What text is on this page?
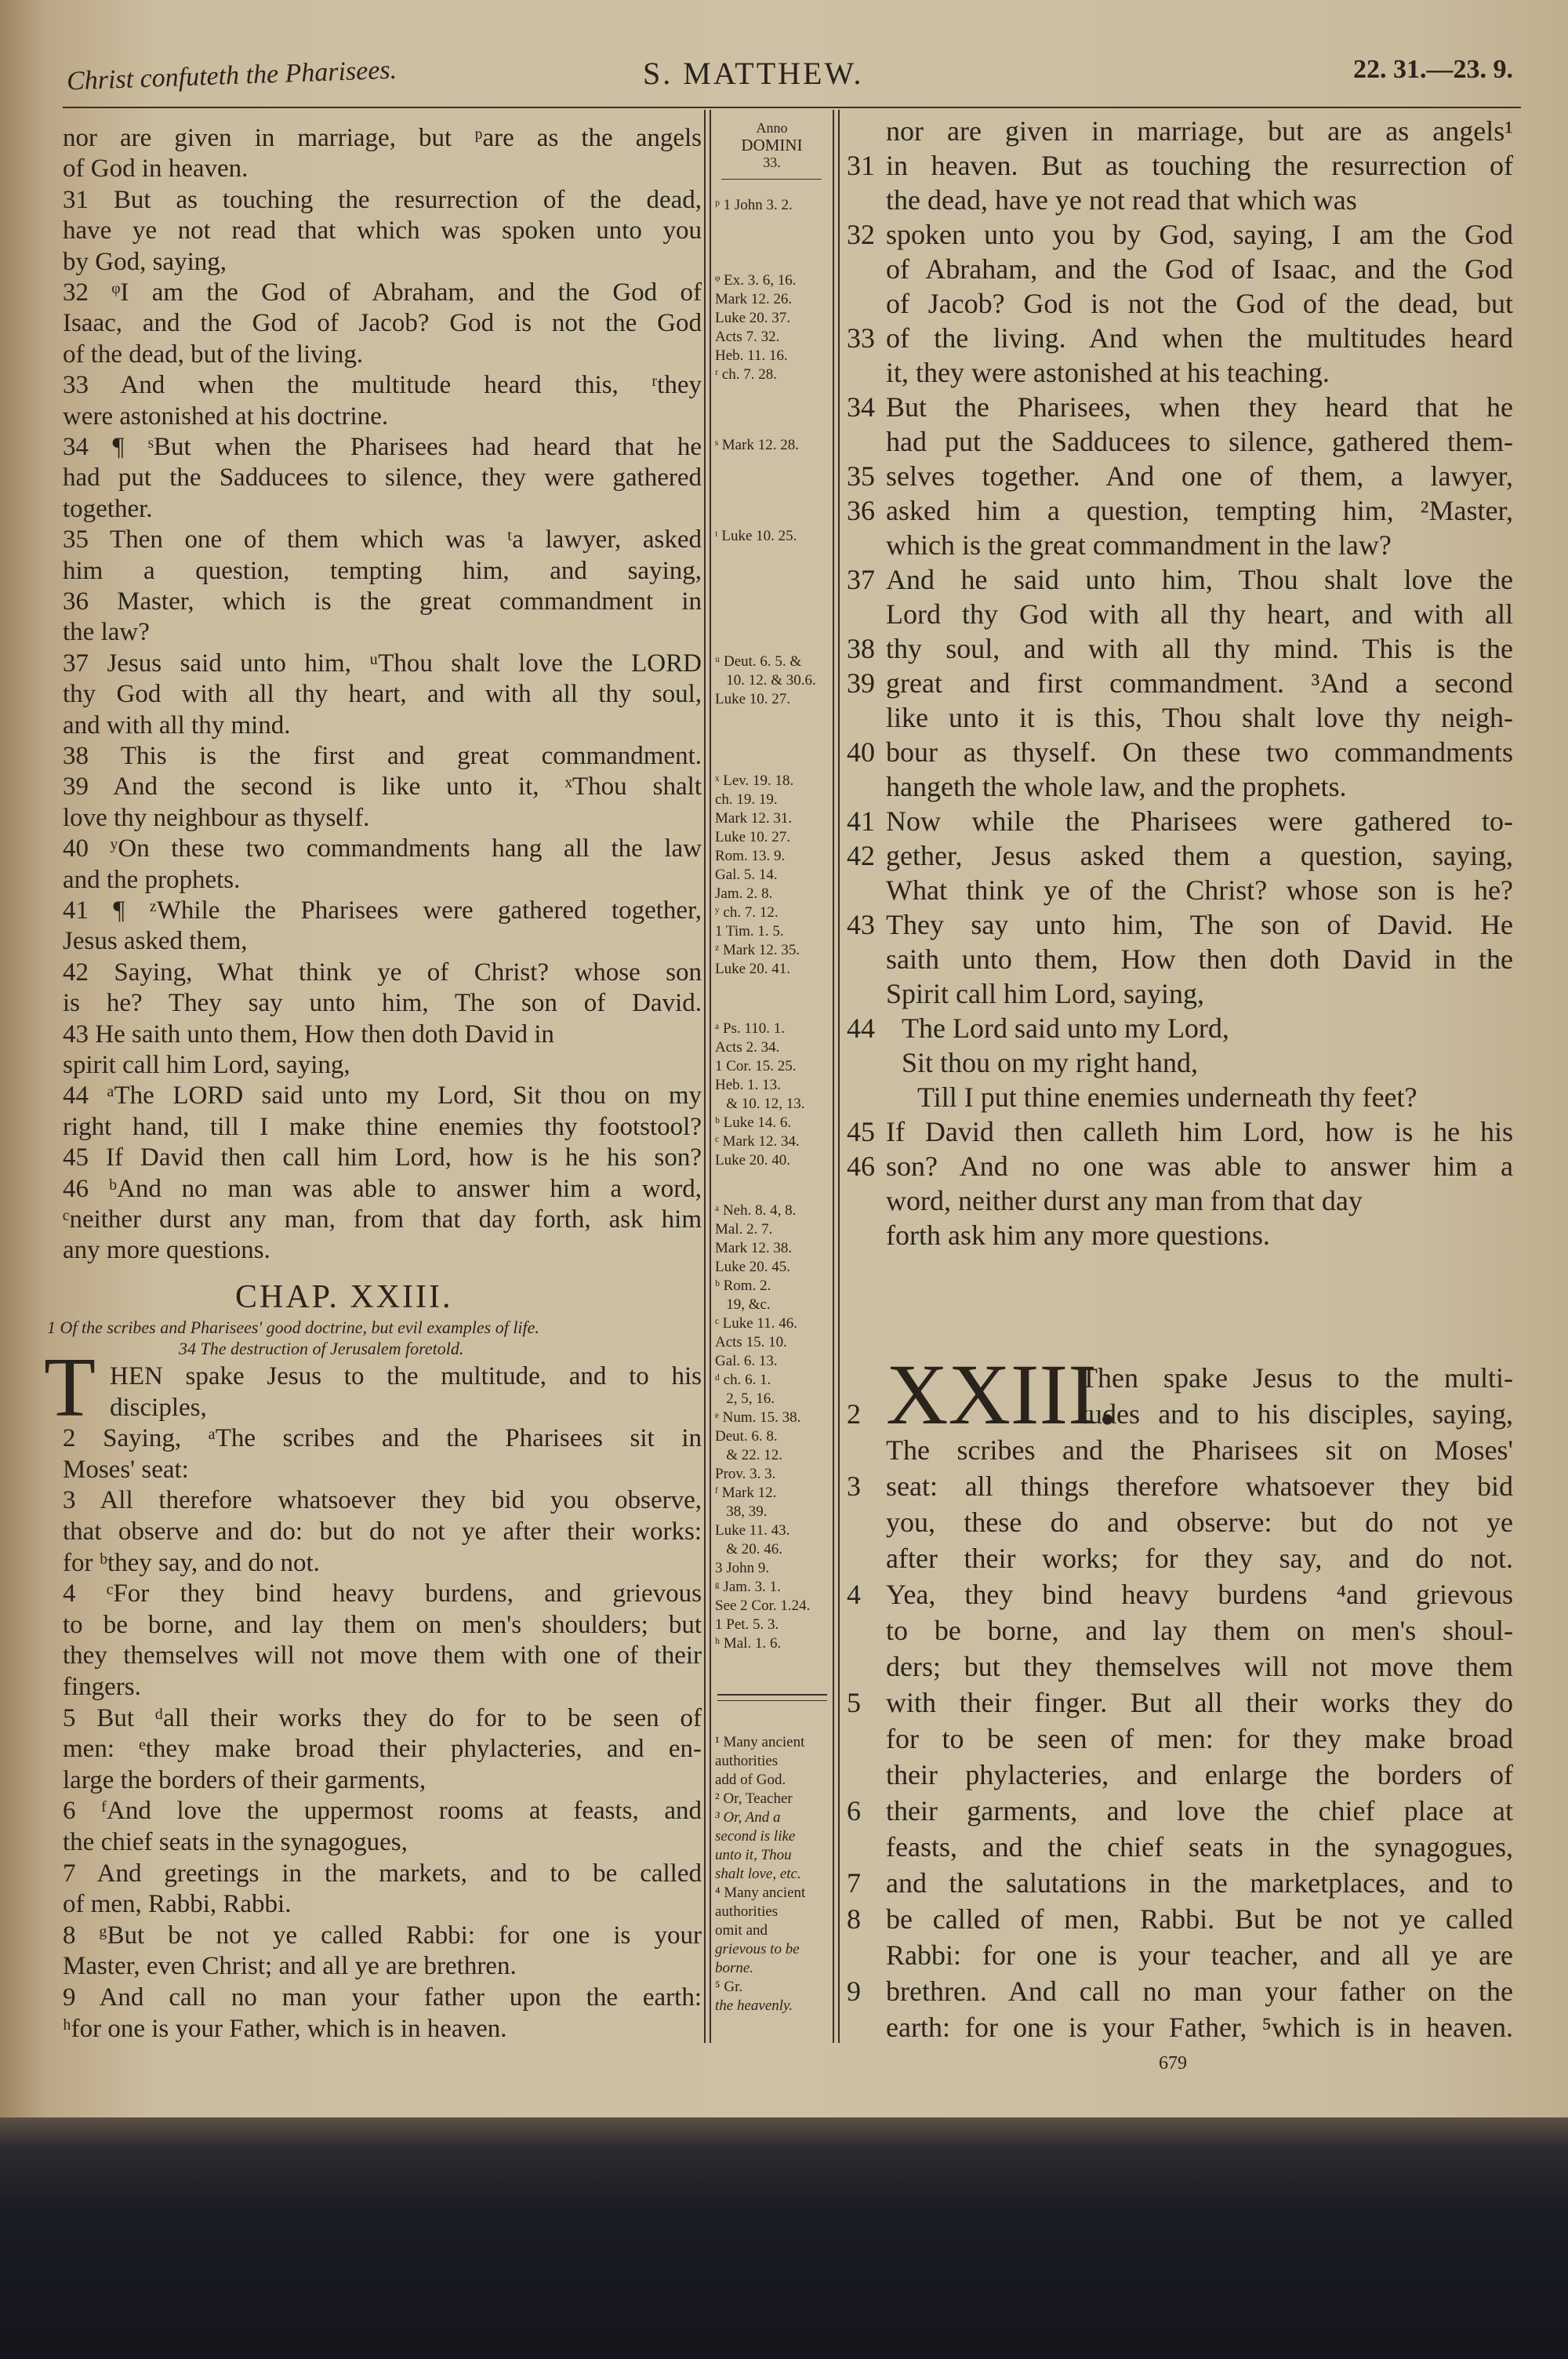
Christ confuteth the Pharisees.	S. MATTHEW.	22. 31.—23. 9.
Anno
DOMINI
33.
nor are given in marriage, but ᵖare as the angels
of God in heaven.
31 But as touching the resurrection of the dead,
have ye not read that which was spoken unto you
by God, saying,
32 ᵠI am the God of Abraham, and the God of
Isaac, and the God of Jacob? God is not the God
of the dead, but of the living.
33 And when the multitude heard this, ʳthey
were astonished at his doctrine.
34 ¶ ˢBut when the Pharisees had heard that he
had put the Sadducees to silence, they were gathered
together.
35 Then one of them which was ᵗa lawyer, asked
him a question, tempting him, and saying,
36 Master, which is the great commandment in
the law?
37 Jesus said unto him, ᵘThou shalt love the LORD
thy God with all thy heart, and with all thy soul,
and with all thy mind.
38 This is the first and great commandment.
39 And the second is like unto it, ˣThou shalt
love thy neighbour as thyself.
40 ʸOn these two commandments hang all the law
and the prophets.
41 ¶ ᶻWhile the Pharisees were gathered together,
Jesus asked them,
42 Saying, What think ye of Christ? whose son
is he? They say unto him, The son of David.
43 He saith unto them, How then doth David in
spirit call him Lord, saying,
44 ᵃThe LORD said unto my Lord, Sit thou on my
right hand, till I make thine enemies thy footstool?
45 If David then call him Lord, how is he his son?
46 ᵇAnd no man was able to answer him a word,
ᶜneither durst any man, from that day forth, ask him
any more questions.
HEN spake Jesus to the multitude, and to his
disciples,
2 Saying, ᵃThe scribes and the Pharisees sit in
Moses' seat:
3 All therefore whatsoever they bid you observe,
that observe and do: but do not ye after their works:
for ᵇthey say, and do not.
4 ᶜFor they bind heavy burdens, and grievous
to be borne, and lay them on men's shoulders; but
they themselves will not move them with one of their
fingers.
5 But ᵈall their works they do for to be seen of
men: ᵉthey make broad their phylacteries, and en-
large the borders of their garments,
6 ᶠAnd love the uppermost rooms at feasts, and
the chief seats in the synagogues,
7 And greetings in the markets, and to be called
of men, Rabbi, Rabbi.
8 ᵍBut be not ye called Rabbi: for one is your
Master, even Christ; and all ye are brethren.
9 And call no man your father upon the earth:
ʰfor one is your Father, which is in heaven.
CHAP. XXIII.
1 Of the scribes and Pharisees' good doctrine, but evil examples of life.
34 The destruction of Jerusalem foretold.
T
ᵖ 1 John 3. 2.
ᵠ Ex. 3. 6, 16.
Mark 12. 26.
Luke 20. 37.
Acts 7. 32.
Heb. 11. 16.
ʳ ch. 7. 28.
ˢ Mark 12. 28.
ᵗ Luke 10. 25.
ᵘ Deut. 6. 5. &
10. 12. & 30.6.
Luke 10. 27.
ˣ Lev. 19. 18.
ch. 19. 19.
Mark 12. 31.
Luke 10. 27.
Rom. 13. 9.
Gal. 5. 14.
Jam. 2. 8.
ʸ ch. 7. 12.
1 Tim. 1. 5.
ᶻ Mark 12. 35.
Luke 20. 41.
ᵃ Ps. 110. 1.
Acts 2. 34.
1 Cor. 15. 25.
Heb. 1. 13.
& 10. 12, 13.
ᵇ Luke 14. 6.
ᶜ Mark 12. 34.
Luke 20. 40.
ᵃ Neh. 8. 4, 8.
Mal. 2. 7.
Mark 12. 38.
Luke 20. 45.
ᵇ Rom. 2.
19, &c.
ᶜ Luke 11. 46.
Acts 15. 10.
Gal. 6. 13.
ᵈ ch. 6. 1.
2, 5, 16.
ᵉ Num. 15. 38.
Deut. 6. 8.
& 22. 12.
Prov. 3. 3.
ᶠ Mark 12.
38, 39.
Luke 11. 43.
& 20. 46.
3 John 9.
ᵍ Jam. 3. 1.
See 2 Cor. 1.24.
1 Pet. 5. 3.
ʰ Mal. 1. 6.
¹ Many ancient
authorities
add of God.
² Or, Teacher
³ Or, And a
second is like
unto it, Thou
shalt love, etc.
⁴ Many ancient
authorities
omit and
grievous to be
borne.
⁵ Gr.
the heavenly.
nor are given in marriage, but are as angels¹
31 in heaven. But as touching the resurrection of
the dead, have ye not read that which was
32 spoken unto you by God, saying, I am the God
of Abraham, and the God of Isaac, and the God
of Jacob? God is not the God of the dead, but
33 of the living. And when the multitudes heard
it, they were astonished at his teaching.
34 But the Pharisees, when they heard that he
had put the Sadducees to silence, gathered them-
35 selves together. And one of them, a lawyer,
36 asked him a question, tempting him, ²Master,
which is the great commandment in the law?
37 And he said unto him, Thou shalt love the
Lord thy God with all thy heart, and with all
38 thy soul, and with all thy mind. This is the
39 great and first commandment. ³And a second
like unto it is this, Thou shalt love thy neigh-
40 bour as thyself. On these two commandments
hangeth the whole law, and the prophets.
41 Now while the Pharisees were gathered to-
42 gether, Jesus asked them a question, saying,
What think ye of the Christ? whose son is he?
43 They say unto him, The son of David. He
saith unto them, How then doth David in the
Spirit call him Lord, saying,
44 The Lord said unto my Lord,
Sit thou on my right hand,
Till I put thine enemies underneath thy feet?
45 If David then calleth him Lord, how is he his
46 son? And no one was able to answer him a
word, neither durst any man from that day
forth ask him any more questions.
Then spake Jesus to the multi-
2	tudes and to his disciples, saying,
The scribes and the Pharisees sit on Moses'
3 seat: all things therefore whatsoever they bid
you, these do and observe: but do not ye
after their works; for they say, and do not.
4 Yea, they bind heavy burdens ⁴and grievous
to be borne, and lay them on men's shoul-
ders; but they themselves will not move them
5 with their finger. But all their works they do
for to be seen of men: for they make broad
their phylacteries, and enlarge the borders of
6 their garments, and love the chief place at
feasts, and the chief seats in the synagogues,
7 and the salutations in the marketplaces, and to
8 be called of men, Rabbi. But be not ye called
Rabbi: for one is your teacher, and all ye are
9 brethren. And call no man your father on the
earth: for one is your Father, ⁵which is in heaven.
XXIII.
679
